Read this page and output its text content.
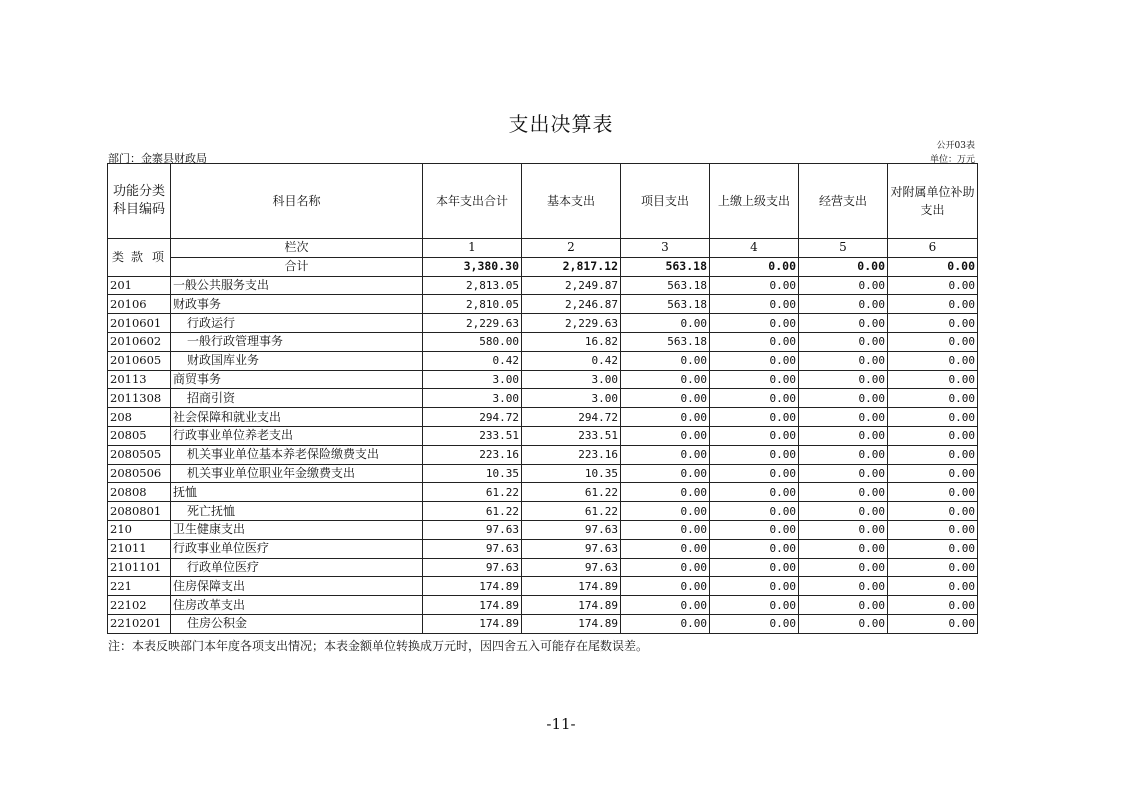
支出决算表
公开03表
部门：金寨县财政局	单位：万元
功能分类科目编码	科目名称	本年支出合计	基本支出	项目支出	上缴上级支出	经营支出	对附属单位补助支出

类 款 项	栏次	1	2	3	4	5	6
	合计	3,380.30	2,817.12	563.18	0.00	0.00	0.00
201	一般公共服务支出	2,813.05	2,249.87	563.18	0.00	0.00	0.00
20106	财政事务	2,810.05	2,246.87	563.18	0.00	0.00	0.00
2010601	行政运行	2,229.63	2,229.63	0.00	0.00	0.00	0.00
2010602	一般行政管理事务	580.00	16.82	563.18	0.00	0.00	0.00
2010605	财政国库业务	0.42	0.42	0.00	0.00	0.00	0.00
20113	商贸事务	3.00	3.00	0.00	0.00	0.00	0.00
2011308	招商引资	3.00	3.00	0.00	0.00	0.00	0.00
208	社会保障和就业支出	294.72	294.72	0.00	0.00	0.00	0.00
20805	行政事业单位养老支出	233.51	233.51	0.00	0.00	0.00	0.00
2080505	机关事业单位基本养老保险缴费支出	223.16	223.16	0.00	0.00	0.00	0.00
2080506	机关事业单位职业年金缴费支出	10.35	10.35	0.00	0.00	0.00	0.00
20808	抚恤	61.22	61.22	0.00	0.00	0.00	0.00
2080801	死亡抚恤	61.22	61.22	0.00	0.00	0.00	0.00
210	卫生健康支出	97.63	97.63	0.00	0.00	0.00	0.00
21011	行政事业单位医疗	97.63	97.63	0.00	0.00	0.00	0.00
2101101	行政单位医疗	97.63	97.63	0.00	0.00	0.00	0.00
221	住房保障支出	174.89	174.89	0.00	0.00	0.00	0.00
22102	住房改革支出	174.89	174.89	0.00	0.00	0.00	0.00
2210201	住房公积金	174.89	174.89	0.00	0.00	0.00	0.00
注：本表反映部门本年度各项支出情况；本表金额单位转换成万元时，因四舍五入可能存在尾数误差。
-11-
